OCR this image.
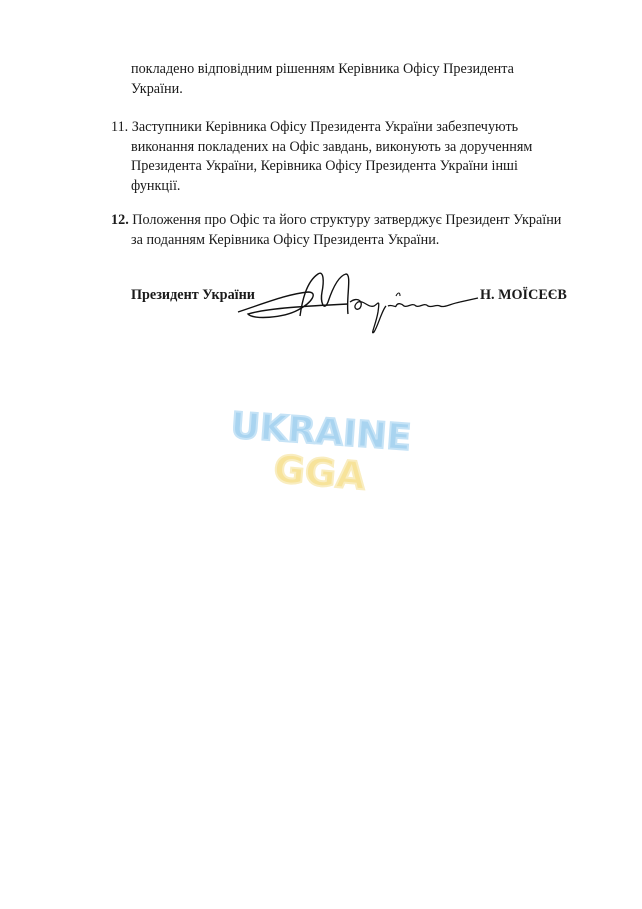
покладено відповідним рішенням Керівника Офісу Президента
України.

11. Заступники Керівника Офісу Президента України забезпечують
виконання покладених на Офіс завдань, виконують за дорученням
Президента України, Керівника Офісу Президента України інші
функції.

12. Положення про Офіс та його структуру затверджує Президент України
за поданням Керівника Офісу Президента України.

Президент України	Н. МОЇСЕЄВ
UKRAINE
GGA
